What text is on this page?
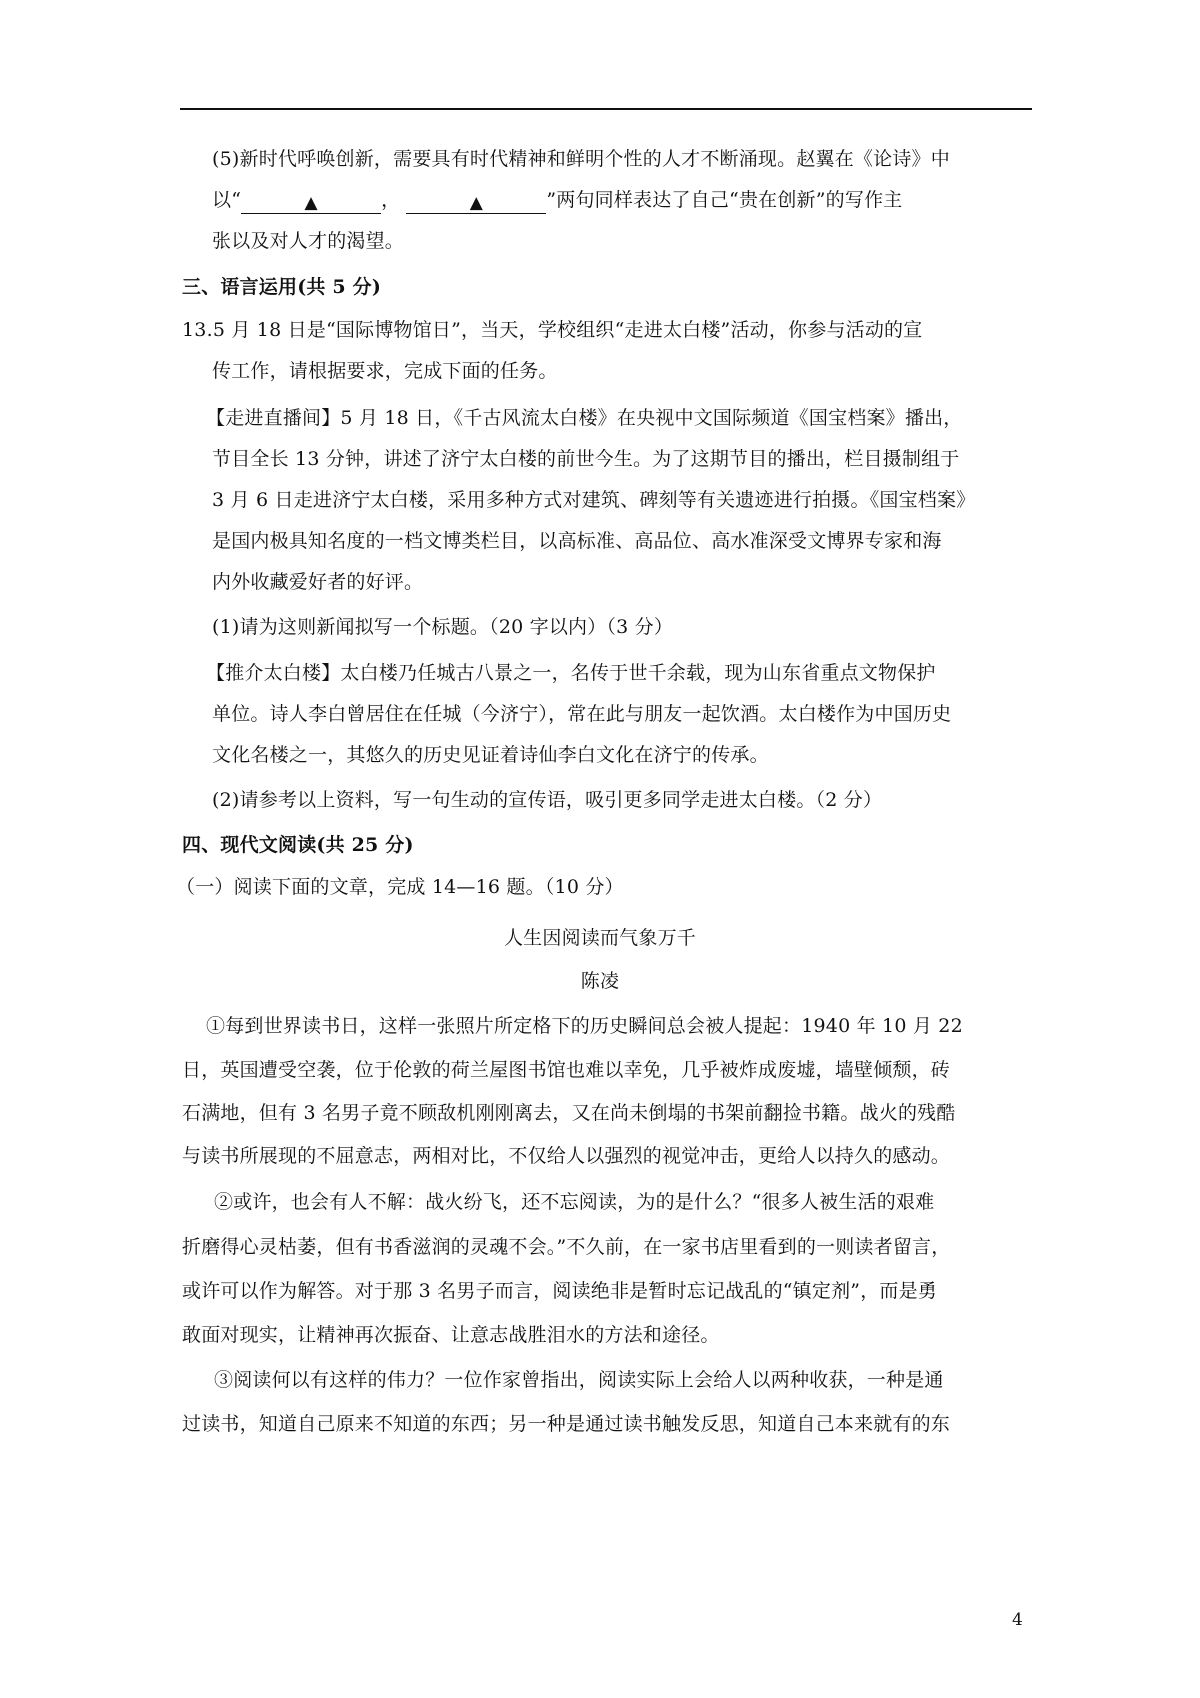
(5)新时代呼唤创新，需要具有时代精神和鲜明个性的人才不断涌现。赵翼在《论诗》中
以“	▲	，	▲	”两句同样表达了自己“贵在创新”的写作主
张以及对人才的渴望。
三、语言运用(共 5 分)
13.5 月 18 日是“国际博物馆日”，当天，学校组织“走进太白楼”活动，你参与活动的宣
传工作，请根据要求，完成下面的任务。
【走进直播间】5 月 18 日，《千古风流太白楼》在央视中文国际频道《国宝档案》播出，
节目全长 13 分钟，讲述了济宁太白楼的前世今生。为了这期节目的播出，栏目摄制组于
3 月 6 日走进济宁太白楼，采用多种方式对建筑、碑刻等有关遗迹进行拍摄。《国宝档案》
是国内极具知名度的一档文博类栏目，以高标准、高品位、高水准深受文博界专家和海
内外收藏爱好者的好评。
(1)请为这则新闻拟写一个标题。（20 字以内）（3 分）
【推介太白楼】太白楼乃任城古八景之一，名传于世千余载，现为山东省重点文物保护
单位。诗人李白曾居住在任城（今济宁），常在此与朋友一起饮酒。太白楼作为中国历史
文化名楼之一，其悠久的历史见证着诗仙李白文化在济宁的传承。
(2)请参考以上资料，写一句生动的宣传语，吸引更多同学走进太白楼。（2 分）
四、现代文阅读(共 25 分)
（一）阅读下面的文章，完成 14—16 题。（10 分）
人生因阅读而气象万千
陈凌
①每到世界读书日，这样一张照片所定格下的历史瞬间总会被人提起：1940 年 10 月 22
日，英国遭受空袭，位于伦敦的荷兰屋图书馆也难以幸免，几乎被炸成废墟，墙壁倾颓，砖
石满地，但有 3 名男子竟不顾敌机刚刚离去，又在尚未倒塌的书架前翻捡书籍。战火的残酷
与读书所展现的不屈意志，两相对比，不仅给人以强烈的视觉冲击，更给人以持久的感动。
②或许，也会有人不解：战火纷飞，还不忘阅读，为的是什么？“很多人被生活的艰难
折磨得心灵枯萎，但有书香滋润的灵魂不会。”不久前，在一家书店里看到的一则读者留言，
或许可以作为解答。对于那 3 名男子而言，阅读绝非是暂时忘记战乱的“镇定剂”，而是勇
敢面对现实，让精神再次振奋、让意志战胜泪水的方法和途径。
③阅读何以有这样的伟力？一位作家曾指出，阅读实际上会给人以两种收获，一种是通
过读书，知道自己原来不知道的东西；另一种是通过读书触发反思，知道自己本来就有的东
4
